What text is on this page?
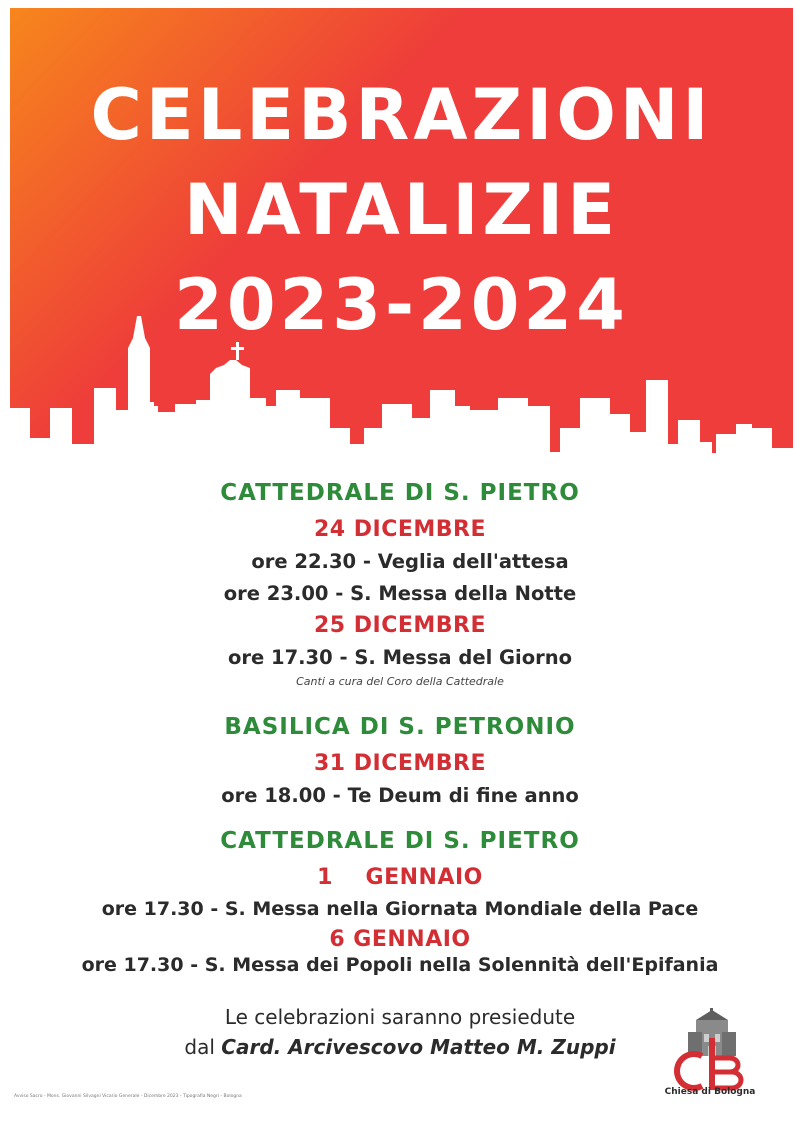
CELEBRAZIONI
NATALIZIE
2023-2024
CATTEDRALE DI S. PIETRO
24 DICEMBRE
ore 22.30 - Veglia dell'attesa
ore 23.00 - S. Messa della Notte
25 DICEMBRE
ore 17.30 - S. Messa del Giorno
Canti a cura del Coro della Cattedrale
BASILICA DI S. PETRONIO
31 DICEMBRE
ore 18.00 - Te Deum di fine anno
CATTEDRALE DI S. PIETRO
1    GENNAIO
ore 17.30 - S. Messa nella Giornata Mondiale della Pace
6 GENNAIO
ore 17.30 - S. Messa dei Popoli nella Solennità dell'Epifania
Le celebrazioni saranno presiedute
dal Card. Arcivescovo Matteo M. Zuppi
Chiesa di Bologna
Avviso Sacro - Mons. Giovanni Silvagni Vicario Generale - Dicembre 2023 - Tipografia Negri - Bologna
